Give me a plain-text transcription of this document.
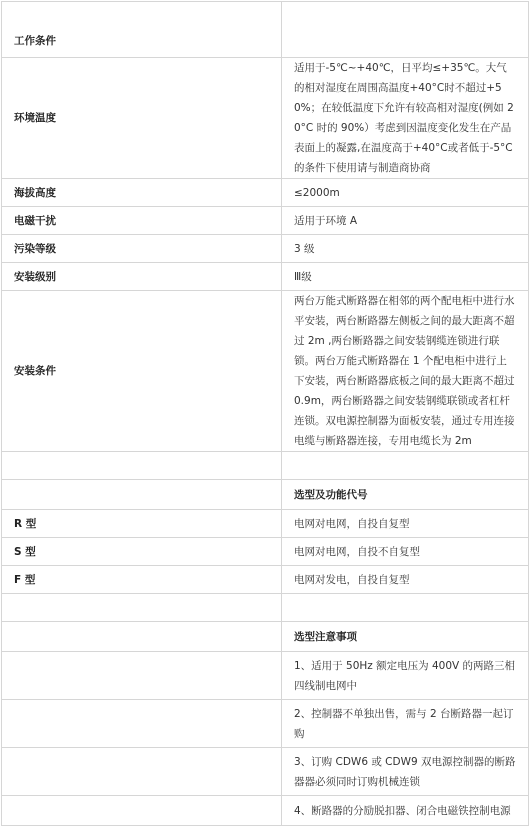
工作条件	
环境温度	适用于-5℃~+40℃，日平均≤+35℃。大气的相对湿度在周围高温度+40°C时不超过+50%；在较低温度下允许有较高相对湿度(例如 20°C 时的 90%）考虑到因温度变化发生在产品表面上的凝露,在温度高于+40°C或者低于-5°C的条件下使用请与制造商协商
海拔高度	≤2000m
电磁干扰	适用于环境 A
污染等级	3 级
安装级别	Ⅲ级
安装条件	两台万能式断路器在相邻的两个配电柜中进行水平安装，两台断路器左侧板之间的最大距离不超过 2m ,两台断路器之间安装钢缆连锁进行联锁。两台万能式断路器在 1 个配电柜中进行上下安装，两台断路器底板之间的最大距离不超过 0.9m，两台断路器之间安装钢缆联锁或者杠杆连锁。双电源控制器为面板安装，通过专用连接电缆与断路器连接，专用电缆长为 2m

	选型及功能代号
R 型	电网对电网，自投自复型
S 型	电网对电网，自投不自复型
F 型	电网对发电，自投自复型

	选型注意事项
	1、适用于 50Hz 额定电压为 400V 的两路三相四线制电网中
	2、控制器不单独出售，需与 2 台断路器一起订购
	3、订购 CDW6 或 CDW9 双电源控制器的断路器器必须同时订购机械连锁
	4、断路器的分励脱扣器、闭合电磁铁控制电源
